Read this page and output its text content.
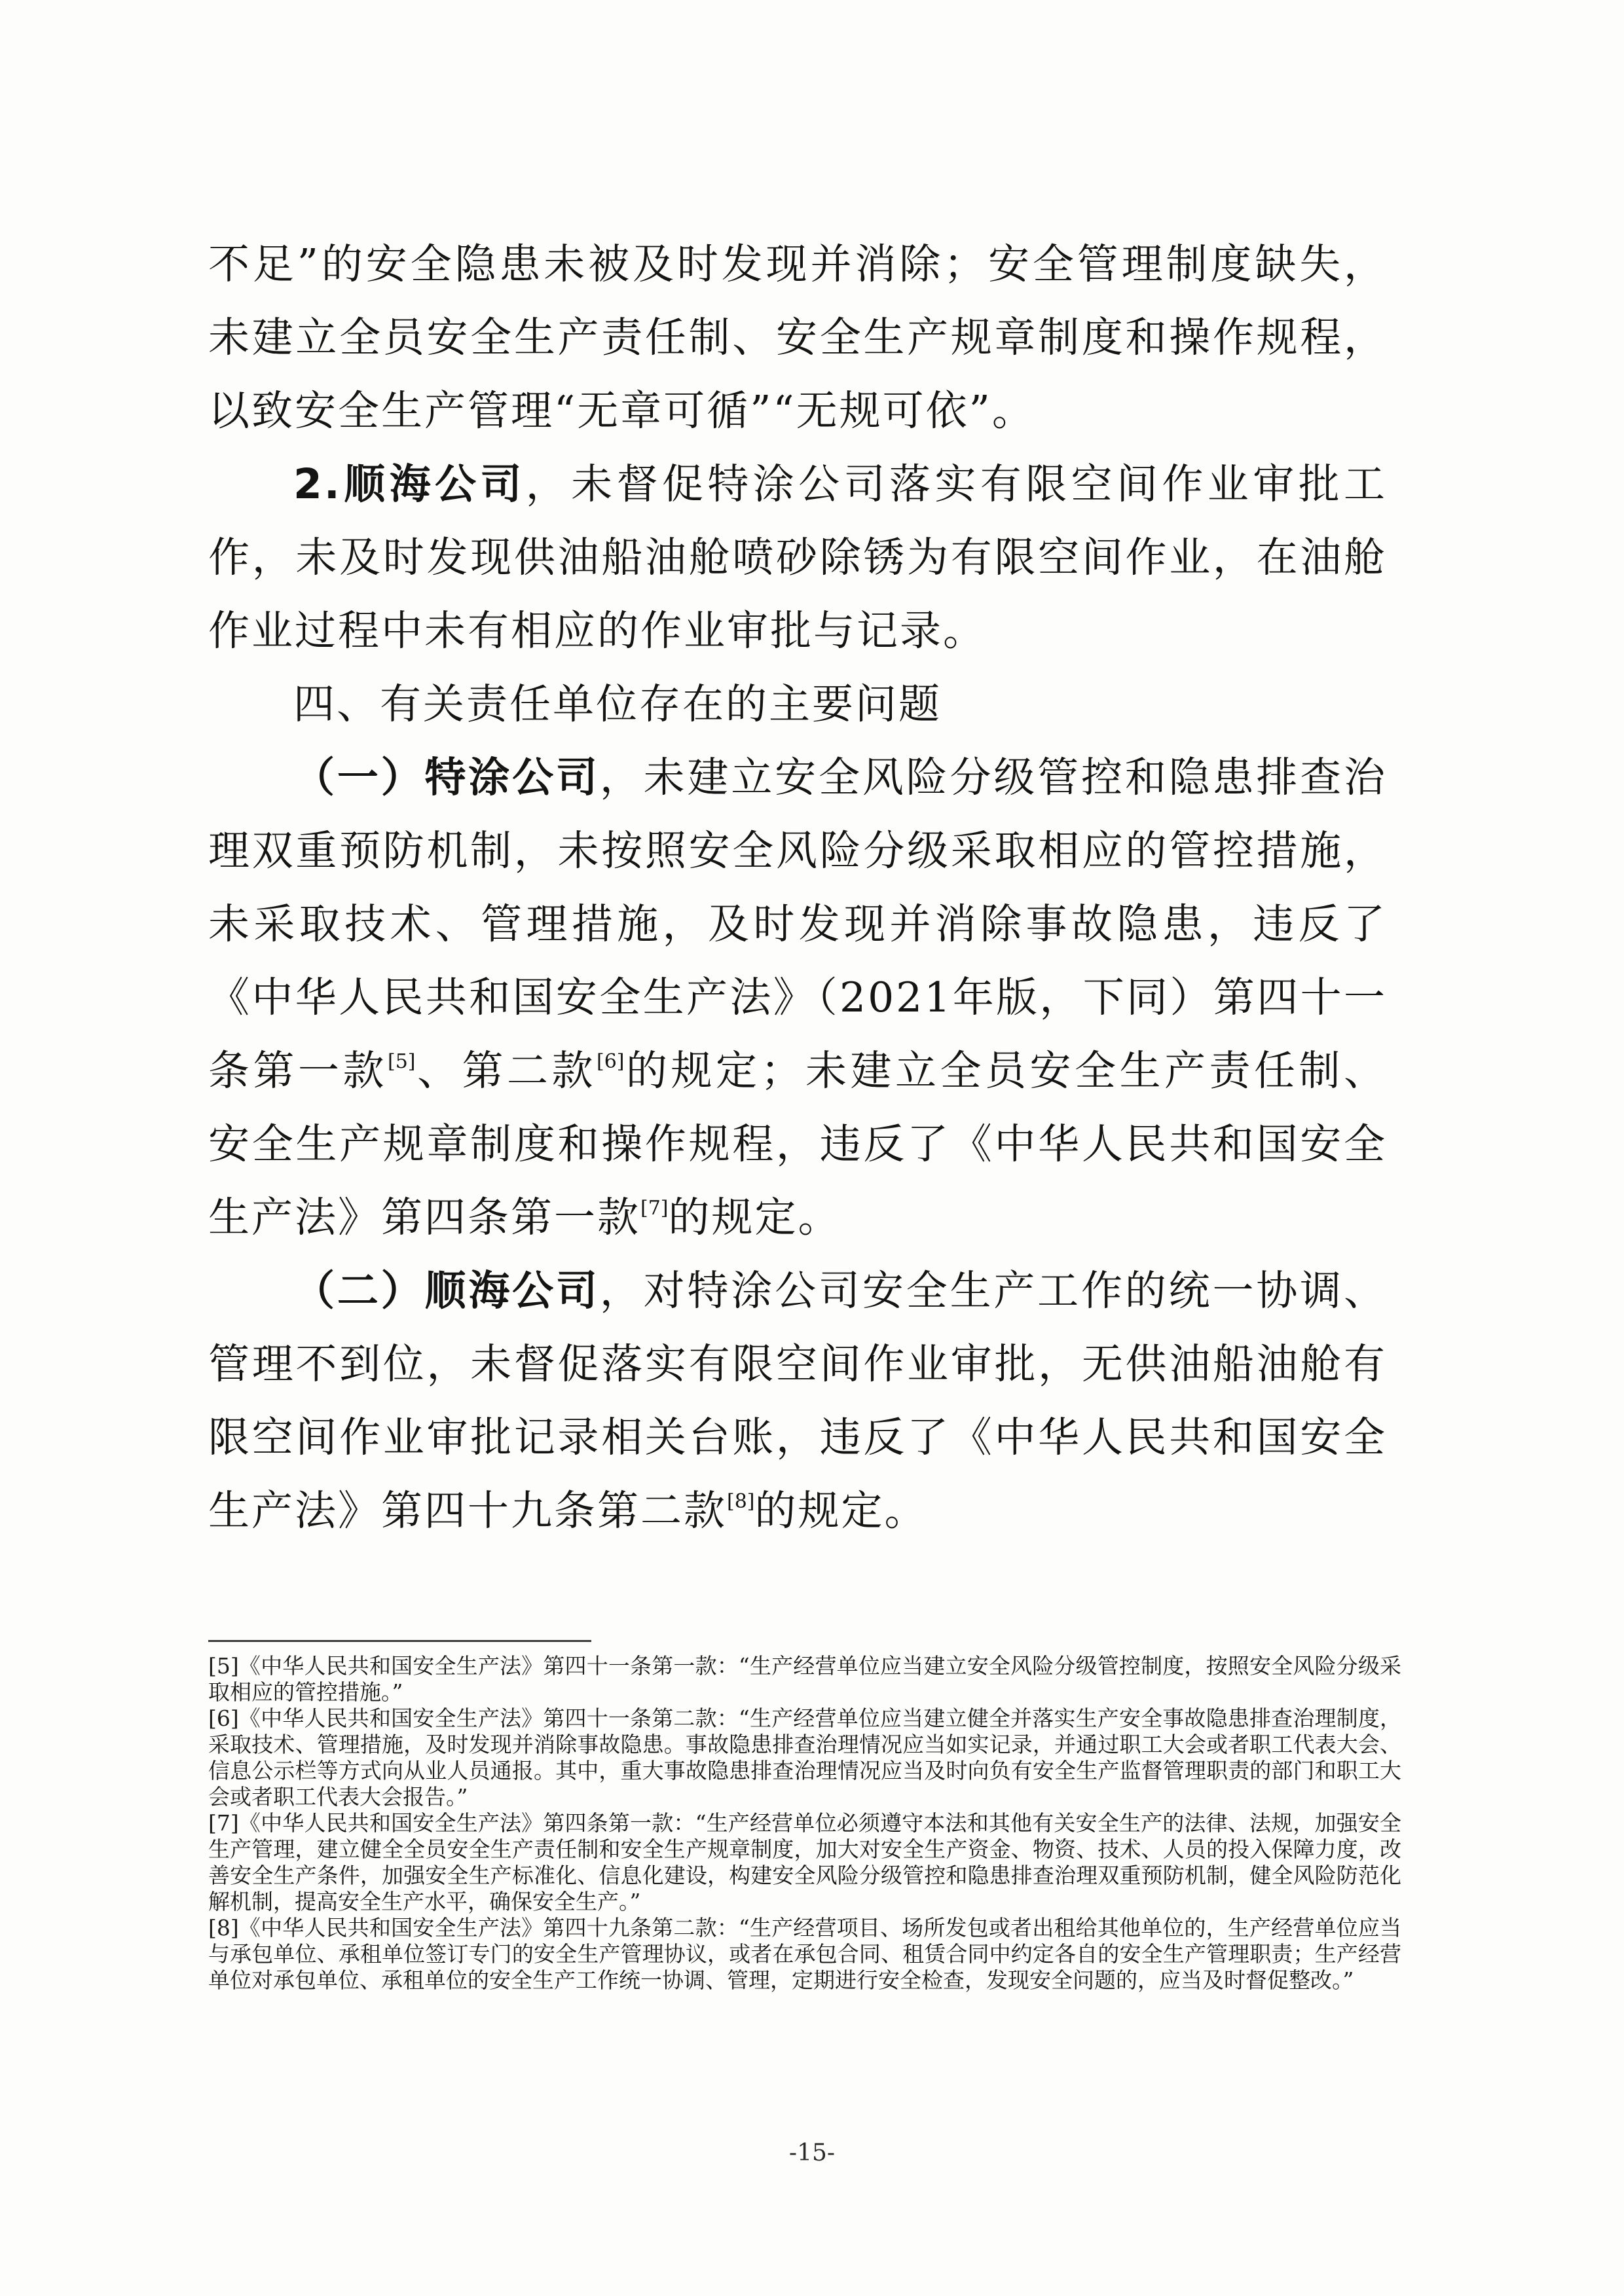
不足”的安全隐患未被及时发现并消除；安全管理制度缺失，未建立全员安全生产责任制、安全生产规章制度和操作规程，以致安全生产管理“无章可循”“无规可依”。

2.顺海公司，未督促特涂公司落实有限空间作业审批工作，未及时发现供油船油舱喷砂除锈为有限空间作业，在油舱作业过程中未有相应的作业审批与记录。

四、有关责任单位存在的主要问题

（一）特涂公司，未建立安全风险分级管控和隐患排查治理双重预防机制，未按照安全风险分级采取相应的管控措施，未采取技术、管理措施，及时发现并消除事故隐患，违反了《中华人民共和国安全生产法》（2021年版，下同）第四十一条第一款[5]、第二款[6]的规定；未建立全员安全生产责任制、安全生产规章制度和操作规程，违反了《中华人民共和国安全生产法》第四条第一款[7]的规定。

（二）顺海公司，对特涂公司安全生产工作的统一协调、管理不到位，未督促落实有限空间作业审批，无供油船油舱有限空间作业审批记录相关台账，违反了《中华人民共和国安全生产法》第四十九条第二款[8]的规定。

[5]《中华人民共和国安全生产法》第四十一条第一款：“生产经营单位应当建立安全风险分级管控制度，按照安全风险分级采取相应的管控措施。”

[6]《中华人民共和国安全生产法》第四十一条第二款：“生产经营单位应当建立健全并落实生产安全事故隐患排查治理制度，采取技术、管理措施，及时发现并消除事故隐患。事故隐患排查治理情况应当如实记录，并通过职工大会或者职工代表大会、信息公示栏等方式向从业人员通报。其中，重大事故隐患排查治理情况应当及时向负有安全生产监督管理职责的部门和职工大会或者职工代表大会报告。”

[7]《中华人民共和国安全生产法》第四条第一款：“生产经营单位必须遵守本法和其他有关安全生产的法律、法规，加强安全生产管理，建立健全全员安全生产责任制和安全生产规章制度，加大对安全生产资金、物资、技术、人员的投入保障力度，改善安全生产条件，加强安全生产标准化、信息化建设，构建安全风险分级管控和隐患排查治理双重预防机制，健全风险防范化解机制，提高安全生产水平，确保安全生产。”

[8]《中华人民共和国安全生产法》第四十九条第二款：“生产经营项目、场所发包或者出租给其他单位的，生产经营单位应当与承包单位、承租单位签订专门的安全生产管理协议，或者在承包合同、租赁合同中约定各自的安全生产管理职责；生产经营单位对承包单位、承租单位的安全生产工作统一协调、管理，定期进行安全检查，发现安全问题的，应当及时督促整改。”

-15-
